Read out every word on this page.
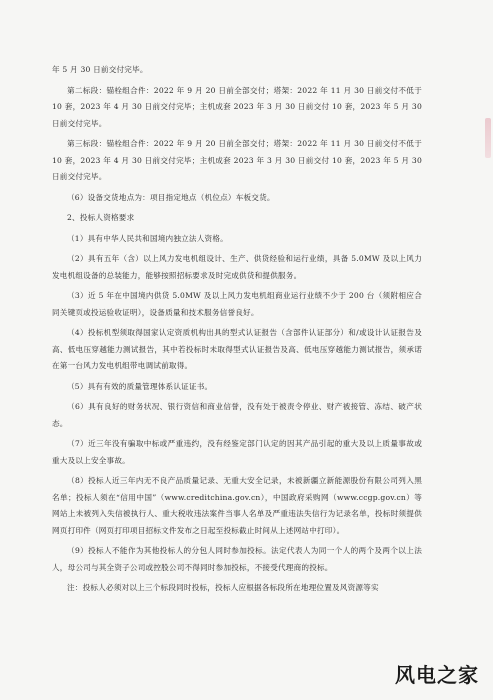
年 5 月 30 日前交付完毕。

第二标段：锚栓组合件：2022 年 9 月 20 日前全部交付；塔架：2022 年 11 月 30 日前交付不低于 10 套，2023 年 4 月 30 日前交付完毕；主机成套 2023 年 3 月 30 日前交付 10 套，2023 年 5 月 30 日前交付完毕。

第三标段：锚栓组合件：2022 年 9 月 20 日前全部交付；塔架：2022 年 11 月 30 日前交付不低于 10 套，2023 年 4 月 30 日前交付完毕；主机成套 2023 年 3 月 30 日前交付 10 套，2023 年 5 月 30 日前交付完毕。

（6）设备交货地点为：项目指定地点（机位点）车板交货。

2、投标人资格要求

（1）具有中华人民共和国境内独立法人资格。

（2）具有五年（含）以上风力发电机组设计、生产、供货经验和运行业绩，具备 5.0MW 及以上风力发电机组设备的总装能力，能够按照招标要求及时完成供货和提供服务。

（3）近 5 年在中国境内供货 5.0MW 及以上风力发电机组商业运行业绩不少于 200 台（须附相应合同关键页或投运验收证明），设备质量和技术服务信誉良好。

（4）投标机型须取得国家认定资质机构出具的型式认证报告（含部件认证部分）和/或设计认证报告及高、低电压穿越能力测试报告，其中若投标时未取得型式认证报告及高、低电压穿越能力测试报告，须承诺在第一台风力发电机组带电调试前取得。

（5）具有有效的质量管理体系认证证书。

（6）具有良好的财务状况、银行资信和商业信誉，没有处于被责令停业、财产被接管、冻结、破产状态。

（7）近三年没有骗取中标或严重违约，没有经鉴定部门认定的因其产品引起的重大及以上质量事故或重大及以上安全事故。

（8）投标人近三年内无不良产品质量记录、无重大安全记录，未被新疆立新能源股份有限公司列入黑名单；投标人须在“信用中国”（www.creditchina.gov.cn），中国政府采购网（www.ccgp.gov.cn）等网站上未被列入失信被执行人、重大税收违法案件当事人名单及严重违法失信行为记录名单，投标时须提供网页打印件（网页打印项目招标文件发布之日起至投标截止时间从上述网站中打印）。

（9）投标人不能作为其他投标人的分包人同时参加投标。法定代表人为同一个人的两个及两个以上法人，母公司与其全资子公司或控股公司不得同时参加投标，不接受代理商的投标。

注：投标人必须对以上三个标段同时投标，投标人应根据各标段所在地理位置及风资源等实

风电之家
